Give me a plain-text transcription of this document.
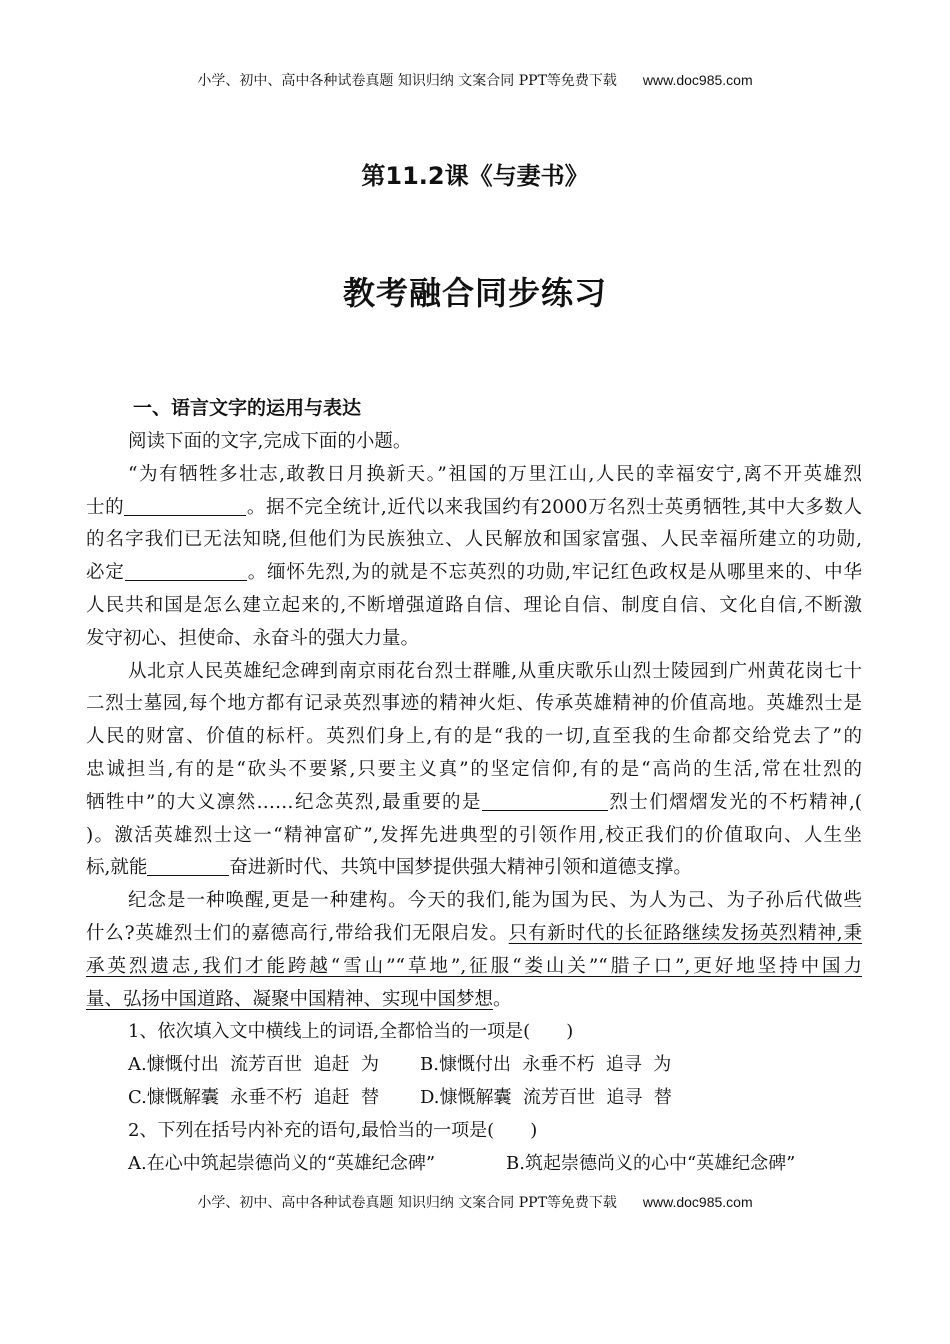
小学、初中、高中各种试卷真题 知识归纳 文案合同 PPT等免费下载 www.doc985.com
第11.2课《与妻书》
教考融合同步练习
一、语言文字的运用与表达
阅读下面的文字,完成下面的小题。
“为有牺牲多壮志,敢教日月换新天。”祖国的万里江山,人民的幸福安宁,离不开英雄烈
士的	。据不完全统计,近代以来我国约有2000万名烈士英勇牺牲,其中大多数人
的名字我们已无法知晓,但他们为民族独立、人民解放和国家富强、人民幸福所建立的功勋,
必定	。缅怀先烈,为的就是不忘英烈的功勋,牢记红色政权是从哪里来的、中华
人民共和国是怎么建立起来的,不断增强道路自信、理论自信、制度自信、文化自信,不断激
发守初心、担使命、永奋斗的强大力量。
从北京人民英雄纪念碑到南京雨花台烈士群雕,从重庆歌乐山烈士陵园到广州黄花岗七十
二烈士墓园,每个地方都有记录英烈事迹的精神火炬、传承英雄精神的价值高地。英雄烈士是
人民的财富、价值的标杆。英烈们身上,有的是“我的一切,直至我的生命都交给党去了”的
忠诚担当,有的是“砍头不要紧,只要主义真”的坚定信仰,有的是“高尚的生活,常在壮烈的
牺牲中”的大义凛然……纪念英烈,最重要的是	烈士们熠熠发光的不朽精神,(
)。激活英雄烈士这一“精神富矿”,发挥先进典型的引领作用,校正我们的价值取向、人生坐
标,就能	奋进新时代、共筑中国梦提供强大精神引领和道德支撑。
纪念是一种唤醒,更是一种建构。今天的我们,能为国为民、为人为己、为子孙后代做些
什么?英雄烈士们的嘉德高行,带给我们无限启发。只有新时代的长征路继续发扬英烈精神,秉
承英烈遗志,我们才能跨越“雪山”“草地”,征服“娄山关”“腊子口”,更好地坚持中国力
量、弘扬中国道路、凝聚中国精神、实现中国梦想。
1、依次填入文中横线上的词语,全都恰当的一项是(　　)
A.慷慨付出  流芳百世  追赶  为 B.慷慨付出  永垂不朽  追寻  为
C.慷慨解囊  永垂不朽  追赶  替 D.慷慨解囊  流芳百世  追寻  替
2、下列在括号内补充的语句,最恰当的一项是(　　)
A.在心中筑起崇德尚义的“英雄纪念碑”	B.筑起崇德尚义的心中“英雄纪念碑”
小学、初中、高中各种试卷真题 知识归纳 文案合同 PPT等免费下载 www.doc985.com
